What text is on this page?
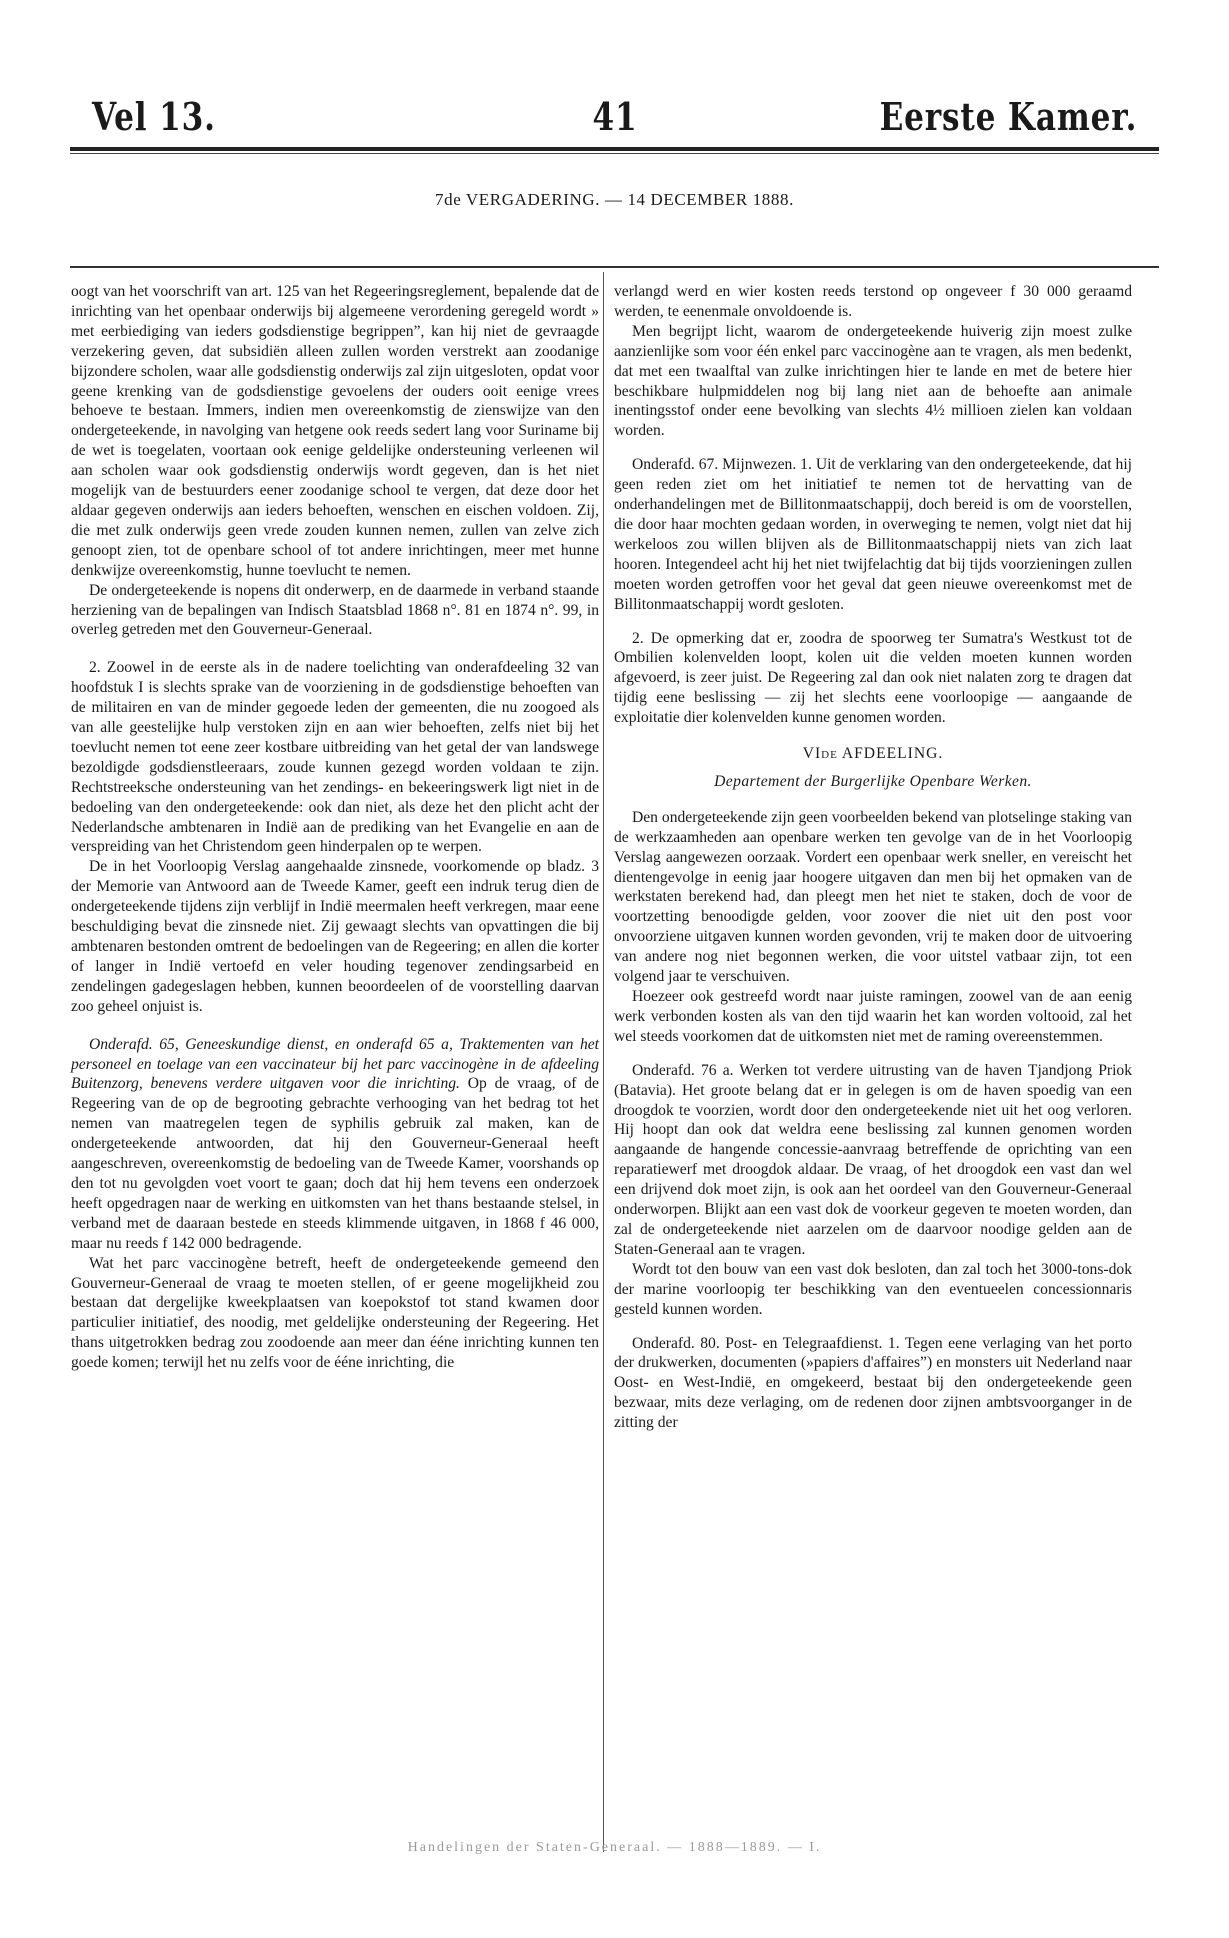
Vel 13.	41	Eerste Kamer.
7de VERGADERING. — 14 DECEMBER 1888.

oogt van het voorschrift van art. 125 van het Regeeringsreglement, bepalende dat de inrichting van het openbaar onderwijs bij algemeene verordening geregeld wordt » met eerbiediging van ieders godsdienstige begrippen”, kan hij niet de gevraagde verzekering geven, dat subsidiën alleen zullen worden verstrekt aan zoodanige bijzondere scholen, waar alle godsdienstig onderwijs zal zijn uitgesloten, opdat voor geene krenking van de godsdienstige gevoelens der ouders ooit eenige vrees behoeve te bestaan. Immers, indien men overeenkomstig de zienswijze van den ondergeteekende, in navolging van hetgene ook reeds sedert lang voor Suriname bij de wet is toegelaten, voortaan ook eenige geldelijke ondersteuning verleenen wil aan scholen waar ook godsdienstig onderwijs wordt gegeven, dan is het niet mogelijk van de bestuurders eener zoodanige school te vergen, dat deze door het aldaar gegeven onderwijs aan ieders behoeften, wenschen en eischen voldoen. Zij, die met zulk onderwijs geen vrede zouden kunnen nemen, zullen van zelve zich genoopt zien, tot de openbare school of tot andere inrichtingen, meer met hunne denkwijze overeenkomstig, hunne toevlucht te nemen.

De ondergeteekende is nopens dit onderwerp, en de daarmede in verband staande herziening van de bepalingen van Indisch Staatsblad 1868 n°. 81 en 1874 n°. 99, in overleg getreden met den Gouverneur-Generaal.

2. Zoowel in de eerste als in de nadere toelichting van onderafdeeling 32 van hoofdstuk I is slechts sprake van de voorziening in de godsdienstige behoeften van de militairen en van de minder gegoede leden der gemeenten, die nu zoogoed als van alle geestelijke hulp verstoken zijn en aan wier behoeften, zelfs niet bij het toevlucht nemen tot eene zeer kostbare uitbreiding van het getal der van landswege bezoldigde godsdienstleeraars, zoude kunnen gezegd worden voldaan te zijn. Rechtstreeksche ondersteuning van het zendings- en bekeeringswerk ligt niet in de bedoeling van den ondergeteekende: ook dan niet, als deze het den plicht acht der Nederlandsche ambtenaren in Indië aan de prediking van het Evangelie en aan de verspreiding van het Christendom geen hinderpalen op te werpen.

De in het Voorloopig Verslag aangehaalde zinsnede, voorkomende op bladz. 3 der Memorie van Antwoord aan de Tweede Kamer, geeft een indruk terug dien de ondergeteekende tijdens zijn verblijf in Indië meermalen heeft verkregen, maar eene beschuldiging bevat die zinsnede niet. Zij gewaagt slechts van opvattingen die bij ambtenaren bestonden omtrent de bedoelingen van de Regeering; en allen die korter of langer in Indië vertoefd en veler houding tegenover zendingsarbeid en zendelingen gadegeslagen hebben, kunnen beoordeelen of de voorstelling daarvan zoo geheel onjuist is.

Onderafd. 65, Geneeskundige dienst, en onderafd 65 a, Traktementen van het personeel en toelage van een vaccinateur bij het parc vaccinogène in de afdeeling Buitenzorg, benevens verdere uitgaven voor die inrichting. Op de vraag, of de Regeering van de op de begrooting gebrachte verhooging van het bedrag tot het nemen van maatregelen tegen de syphilis gebruik zal maken, kan de ondergeteekende antwoorden, dat hij den Gouverneur-Generaal heeft aangeschreven, overeenkomstig de bedoeling van de Tweede Kamer, voorshands op den tot nu gevolgden voet voort te gaan; doch dat hij hem tevens een onderzoek heeft opgedragen naar de werking en uitkomsten van het thans bestaande stelsel, in verband met de daaraan bestede en steeds klimmende uitgaven, in 1868 f 46 000, maar nu reeds f 142 000 bedragende.

Wat het parc vaccinogène betreft, heeft de ondergeteekende gemeend den Gouverneur-Generaal de vraag te moeten stellen, of er geene mogelijkheid zou bestaan dat dergelijke kweekplaatsen van koepokstof tot stand kwamen door particulier initiatief, des noodig, met geldelijke ondersteuning der Regeering. Het thans uitgetrokken bedrag zou zoodoende aan meer dan ééne inrichting kunnen ten goede komen; terwijl het nu zelfs voor de ééne inrichting, die

verlangd werd en wier kosten reeds terstond op ongeveer f 30 000 geraamd werden, te eenenmale onvoldoende is.

Men begrijpt licht, waarom de ondergeteekende huiverig zijn moest zulke aanzienlijke som voor één enkel parc vaccinogène aan te vragen, als men bedenkt, dat met een twaalftal van zulke inrichtingen hier te lande en met de betere hier beschikbare hulpmiddelen nog bij lang niet aan de behoefte aan animale inentingsstof onder eene bevolking van slechts 4½ millioen zielen kan voldaan worden.

Onderafd. 67. Mijnwezen. 1. Uit de verklaring van den ondergeteekende, dat hij geen reden ziet om het initiatief te nemen tot de hervatting van de onderhandelingen met de Billitonmaatschappij, doch bereid is om de voorstellen, die door haar mochten gedaan worden, in overweging te nemen, volgt niet dat hij werkeloos zou willen blijven als de Billitonmaatschappij niets van zich laat hooren. Integendeel acht hij het niet twijfelachtig dat bij tijds voorzieningen zullen moeten worden getroffen voor het geval dat geen nieuwe overeenkomst met de Billitonmaatschappij wordt gesloten.

2. De opmerking dat er, zoodra de spoorweg ter Sumatra's Westkust tot de Ombilien kolenvelden loopt, kolen uit die velden moeten kunnen worden afgevoerd, is zeer juist. De Regeering zal dan ook niet nalaten zorg te dragen dat tijdig eene beslissing — zij het slechts eene voorloopige — aangaande de exploitatie dier kolenvelden kunne genomen worden.

VIde AFDEELING.

Departement der Burgerlijke Openbare Werken.

Den ondergeteekende zijn geen voorbeelden bekend van plotselinge staking van de werkzaamheden aan openbare werken ten gevolge van de in het Voorloopig Verslag aangewezen oorzaak. Vordert een openbaar werk sneller, en vereischt het dientengevolge in eenig jaar hoogere uitgaven dan men bij het opmaken van de werkstaten berekend had, dan pleegt men het niet te staken, doch de voor de voortzetting benoodigde gelden, voor zoover die niet uit den post voor onvoorziene uitgaven kunnen worden gevonden, vrij te maken door de uitvoering van andere nog niet begonnen werken, die voor uitstel vatbaar zijn, tot een volgend jaar te verschuiven.

Hoezeer ook gestreefd wordt naar juiste ramingen, zoowel van de aan eenig werk verbonden kosten als van den tijd waarin het kan worden voltooid, zal het wel steeds voorkomen dat de uitkomsten niet met de raming overeenstemmen.

Onderafd. 76 a. Werken tot verdere uitrusting van de haven Tjandjong Priok (Batavia). Het groote belang dat er in gelegen is om de haven spoedig van een droogdok te voorzien, wordt door den ondergeteekende niet uit het oog verloren. Hij hoopt dan ook dat weldra eene beslissing zal kunnen genomen worden aangaande de hangende concessie-aanvraag betreffende de oprichting van een reparatiewerf met droogdok aldaar. De vraag, of het droogdok een vast dan wel een drijvend dok moet zijn, is ook aan het oordeel van den Gouverneur-Generaal onderworpen. Blijkt aan een vast dok de voorkeur gegeven te moeten worden, dan zal de ondergeteekende niet aarzelen om de daarvoor noodige gelden aan de Staten-Generaal aan te vragen.

Wordt tot den bouw van een vast dok besloten, dan zal toch het 3000-tons-dok der marine voorloopig ter beschikking van den eventueelen concessionnaris gesteld kunnen worden.

Onderafd. 80. Post- en Telegraafdienst. 1. Tegen eene verlaging van het porto der drukwerken, documenten (»papiers d'affaires”) en monsters uit Nederland naar Oost- en West-Indië, en omgekeerd, bestaat bij den ondergeteekende geen bezwaar, mits deze verlaging, om de redenen door zijnen ambtsvoorganger in de zitting der

Handelingen der Staten-Generaal. — 1888—1889. — I.
